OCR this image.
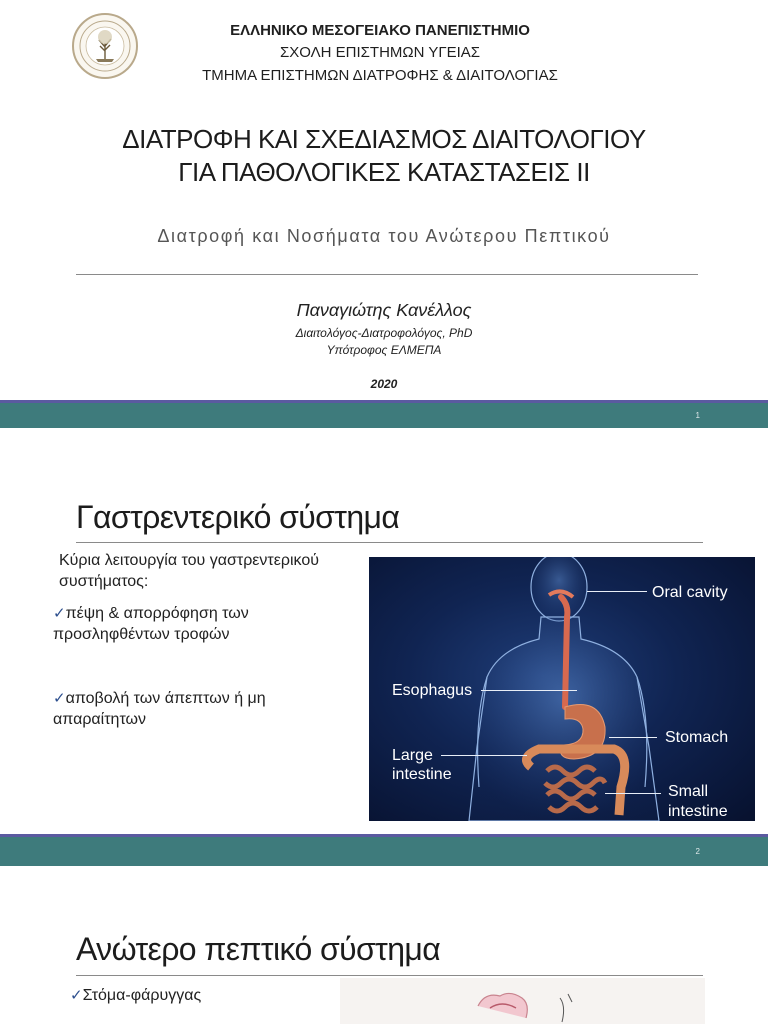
ΕΛΛΗΝΙΚΟ ΜΕΣΟΓΕΙΑΚΟ ΠΑΝΕΠΙΣΤΗΜΙΟ
ΣΧΟΛΗ ΕΠΙΣΤΗΜΩΝ ΥΓΕΙΑΣ
ΤΜΗΜΑ ΕΠΙΣΤΗΜΩΝ ΔΙΑΤΡΟΦΗΣ & ΔΙΑΙΤΟΛΟΓΙΑΣ
ΔΙΑΤΡΟΦΗ ΚΑΙ ΣΧΕΔΙΑΣΜΟΣ ΔΙΑΙΤΟΛΟΓΙΟΥ
ΓΙΑ ΠΑΘΟΛΟΓΙΚΕΣ ΚΑΤΑΣΤΑΣΕΙΣ ΙΙ
Διατροφή και Νοσήματα του Ανώτερου Πεπτικού
Παναγιώτης Κανέλλος
Διαιτολόγος-Διατροφολόγος, PhD
Υπότροφος ΕΛΜΕΠΑ
2020
1
Γαστρεντερικό σύστημα
Κύρια λειτουργία του γαστρεντερικού συστήματος:
✓πέψη & απορρόφηση των προσληφθέντων τροφών
✓αποβολή των άπεπτων ή μη απαραίτητων
Oral cavity
Esophagus
Stomach
Large
intestine
Small
intestine
2
Ανώτερο πεπτικό σύστημα
✓Στόμα-φάρυγγας
